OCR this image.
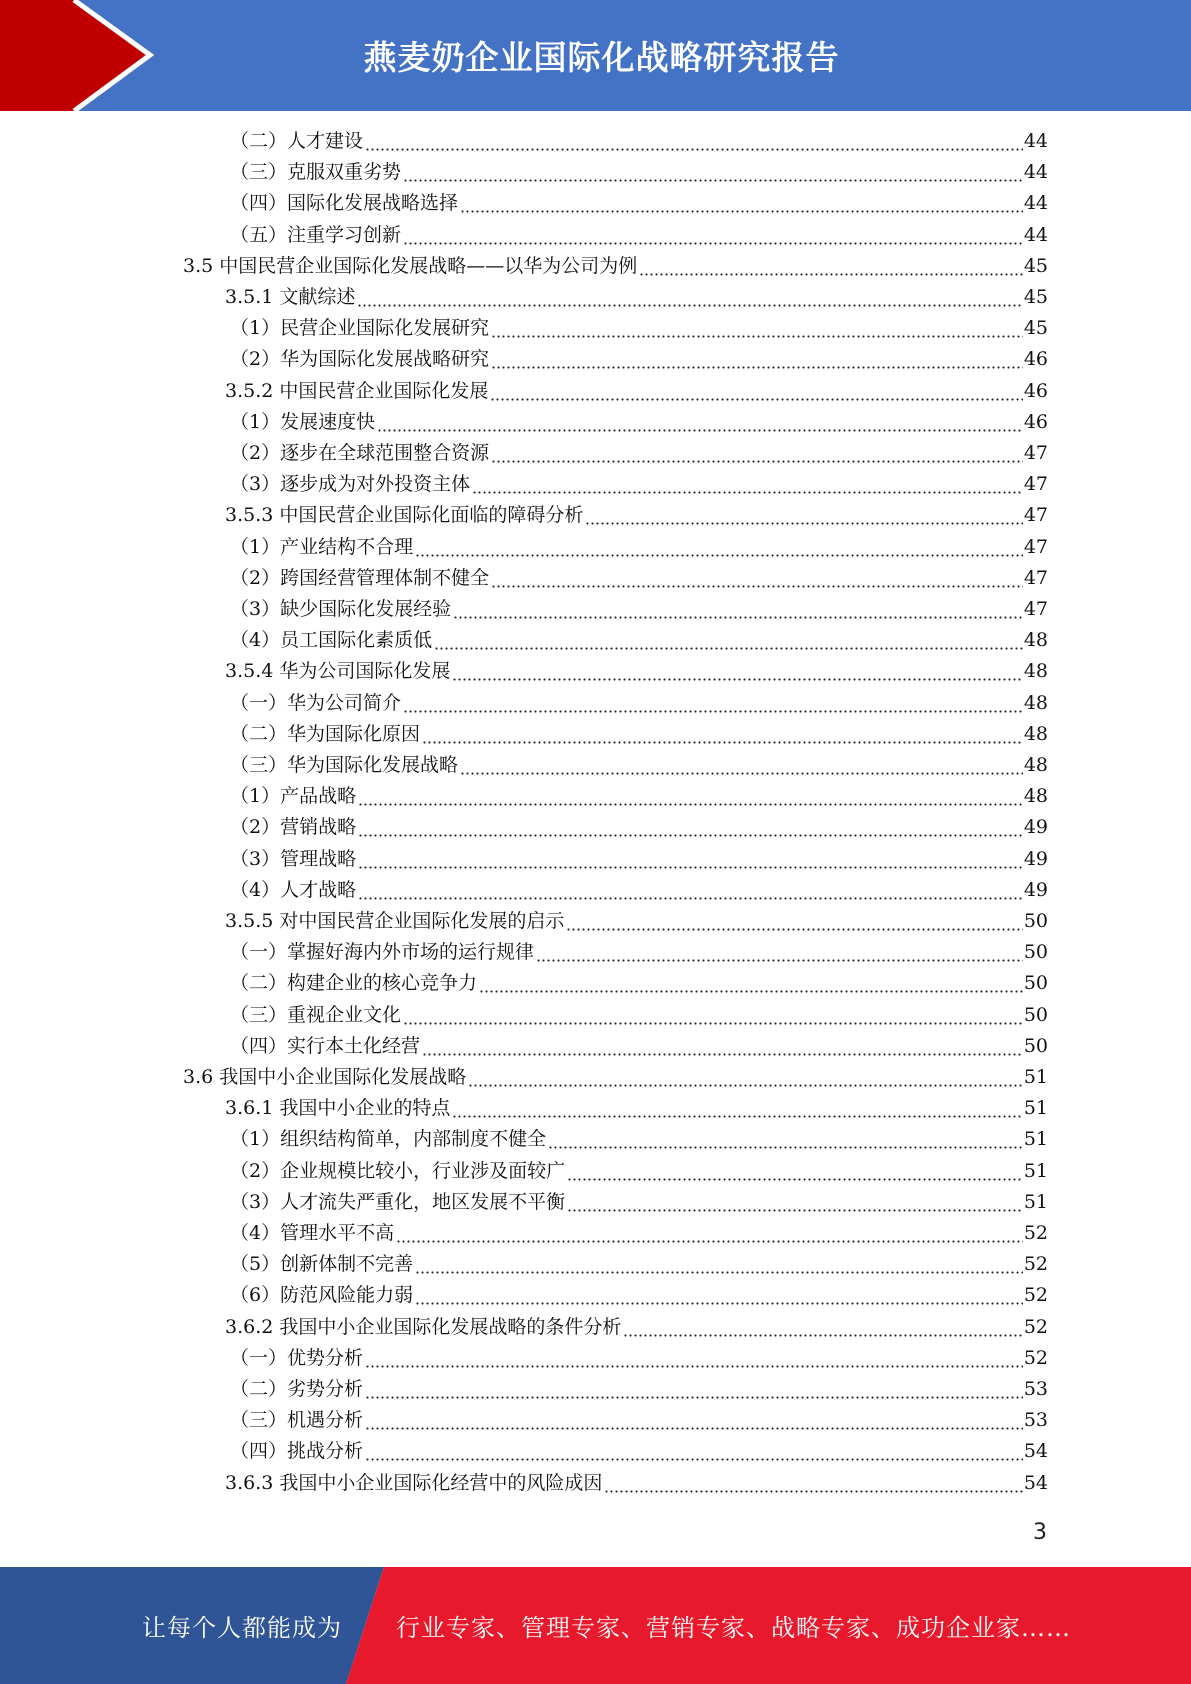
燕麦奶企业国际化战略研究报告
（二）人才建设	44
（三）克服双重劣势	44
（四）国际化发展战略选择	44
（五）注重学习创新	44
3.5 中国民营企业国际化发展战略——以华为公司为例	45
3.5.1 文献综述	45
（1）民营企业国际化发展研究	45
（2）华为国际化发展战略研究	46
3.5.2 中国民营企业国际化发展	46
（1）发展速度快	46
（2）逐步在全球范围整合资源	47
（3）逐步成为对外投资主体	47
3.5.3 中国民营企业国际化面临的障碍分析	47
（1）产业结构不合理	47
（2）跨国经营管理体制不健全	47
（3）缺少国际化发展经验	47
（4）员工国际化素质低	48
3.5.4 华为公司国际化发展	48
（一）华为公司简介	48
（二）华为国际化原因	48
（三）华为国际化发展战略	48
（1）产品战略	48
（2）营销战略	49
（3）管理战略	49
（4）人才战略	49
3.5.5 对中国民营企业国际化发展的启示	50
（一）掌握好海内外市场的运行规律	50
（二）构建企业的核心竞争力	50
（三）重视企业文化	50
（四）实行本土化经营	50
3.6 我国中小企业国际化发展战略	51
3.6.1 我国中小企业的特点	51
（1）组织结构简单，内部制度不健全	51
（2）企业规模比较小，行业涉及面较广	51
（3）人才流失严重化，地区发展不平衡	51
（4）管理水平不高	52
（5）创新体制不完善	52
（6）防范风险能力弱	52
3.6.2 我国中小企业国际化发展战略的条件分析	52
（一）优势分析	52
（二）劣势分析	53
（三）机遇分析	53
（四）挑战分析	54
3.6.3 我国中小企业国际化经营中的风险成因	54
3
让每个人都能成为 行业专家、管理专家、营销专家、战略专家、成功企业家……
